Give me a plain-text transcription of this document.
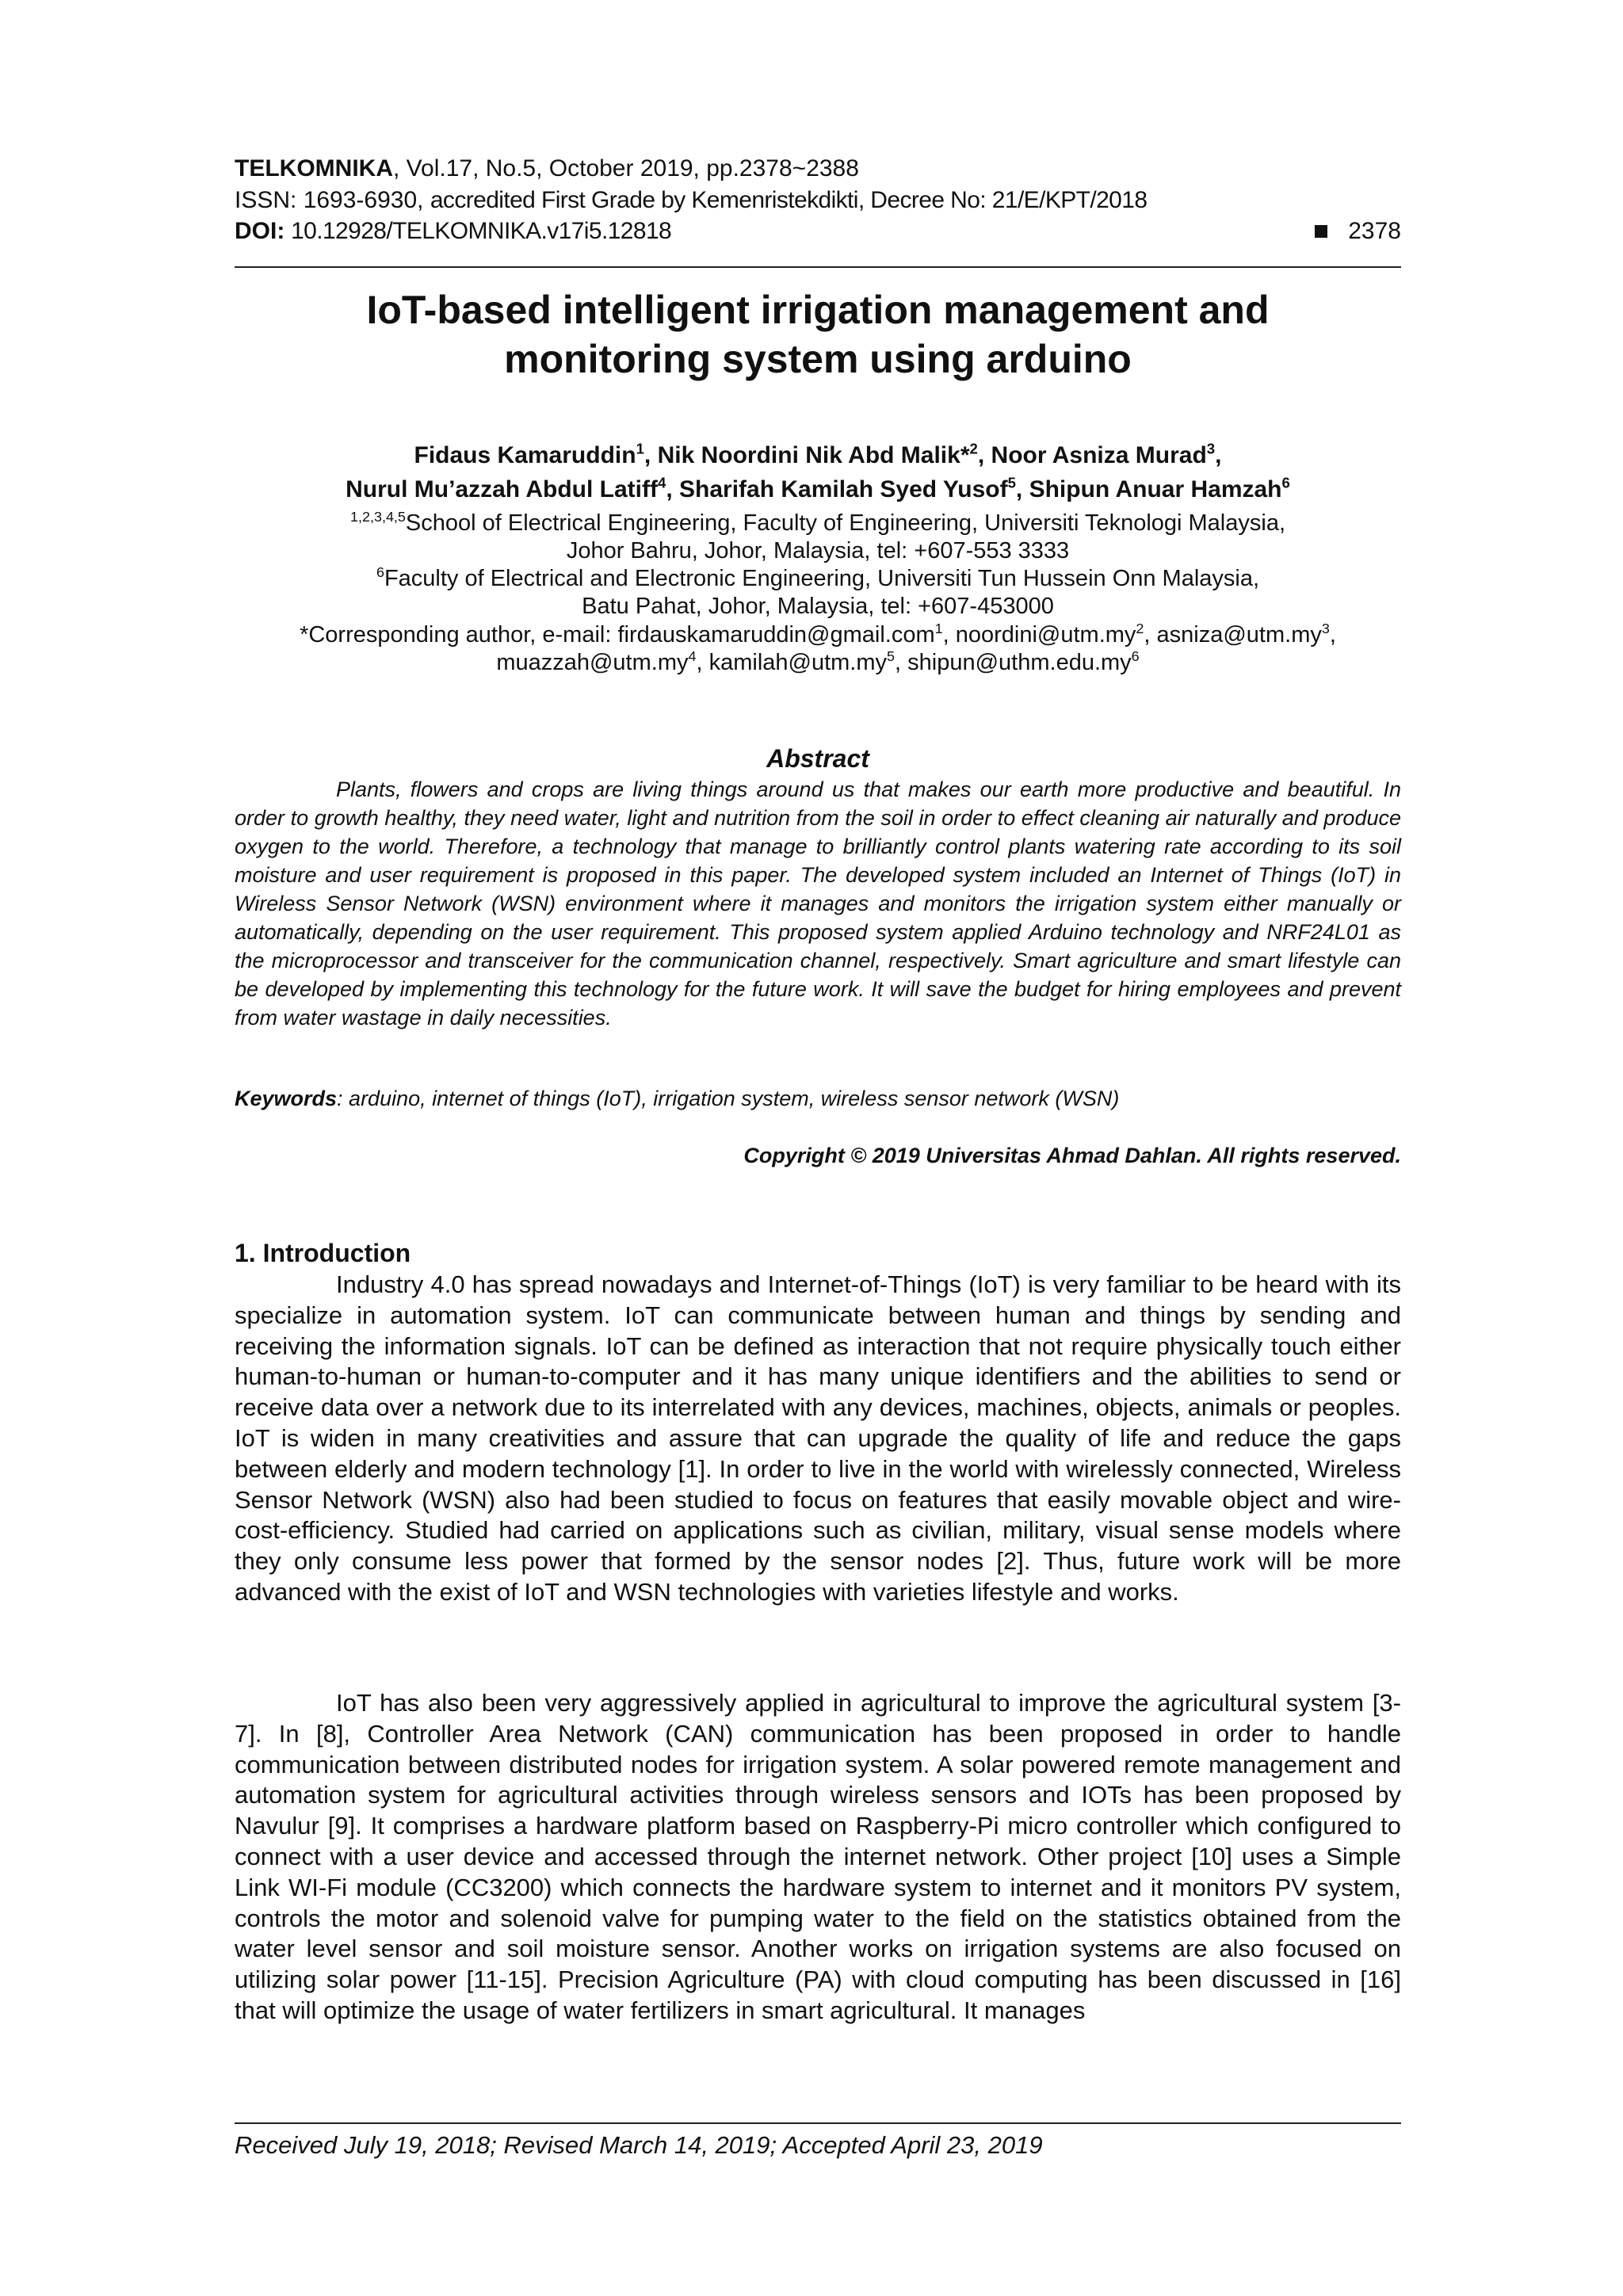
TELKOMNIKA, Vol.17, No.5, October 2019, pp.2378~2388
ISSN: 1693-6930, accredited First Grade by Kemenristekdikti, Decree No: 21/E/KPT/2018
DOI: 10.12928/TELKOMNIKA.v17i5.12818	2378
IoT-based intelligent irrigation management and
monitoring system using arduino
Fidaus Kamaruddin$^1$, Nik Noordini Nik Abd Malik*$^2$, Noor Asniza Murad$^3$,
Nurul Mu’azzah Abdul Latiff$^4$, Sharifah Kamilah Syed Yusof$^5$, Shipun Anuar Hamzah$^6$
$^{1,2,3,4,5}$School of Electrical Engineering, Faculty of Engineering, Universiti Teknologi Malaysia,
Johor Bahru, Johor, Malaysia, tel: +607-553 3333
$^6$Faculty of Electrical and Electronic Engineering, Universiti Tun Hussein Onn Malaysia,
Batu Pahat, Johor, Malaysia, tel: +607-453000
*Corresponding author, e-mail: firdauskamaruddin@gmail.com$^1$, $noordini@utm.my^2$, $asniza@utm.my^3$,
$muazzah@utm.my^4$, $kamilah@utm.my^5$, $shipun@uthm.edu.my^6$
Abstract
Plants, flowers and crops are living things around us that makes our earth more productive and beautiful. In order to growth healthy, they need water, light and nutrition from the soil in order to effect cleaning air naturally and produce oxygen to the world. Therefore, a technology that manage to brilliantly control plants watering rate according to its soil moisture and user requirement is proposed in this paper. The developed system included an Internet of Things (IoT) in Wireless Sensor Network (WSN) environment where it manages and monitors the irrigation system either manually or automatically, depending on the user requirement. This proposed system applied Arduino technology and NRF24L01 as the microprocessor and transceiver for the communication channel, respectively. Smart agriculture and smart lifestyle can be developed by implementing this technology for the future work. It will save the budget for hiring employees and prevent from water wastage in daily necessities.
Keywords: arduino, internet of things (IoT), irrigation system, wireless sensor network (WSN)
Copyright © 2019 Universitas Ahmad Dahlan. All rights reserved.
1. Introduction
Industry 4.0 has spread nowadays and Internet-of-Things (IoT) is very familiar to be heard with its specialize in automation system. IoT can communicate between human and things by sending and receiving the information signals. IoT can be defined as interaction that not require physically touch either human-to-human or human-to-computer and it has many unique identifiers and the abilities to send or receive data over a network due to its interrelated with any devices, machines, objects, animals or peoples. IoT is widen in many creativities and assure that can upgrade the quality of life and reduce the gaps between elderly and modern technology [1]. In order to live in the world with wirelessly connected, Wireless Sensor Network (WSN) also had been studied to focus on features that easily movable object and wire-cost-efficiency. Studied had carried on applications such as civilian, military, visual sense models where they only consume less power that formed by the sensor nodes [2]. Thus, future work will be more advanced with the exist of IoT and WSN technologies with varieties lifestyle and works.
IoT has also been very aggressively applied in agricultural to improve the agricultural system [3-7]. In [8], Controller Area Network (CAN) communication has been proposed in order to handle communication between distributed nodes for irrigation system. A solar powered remote management and automation system for agricultural activities through wireless sensors and IOTs has been proposed by Navulur [9]. It comprises a hardware platform based on Raspberry-Pi micro controller which configured to connect with a user device and accessed through the internet network. Other project [10] uses a Simple Link WI-Fi module (CC3200) which connects the hardware system to internet and it monitors PV system, controls the motor and solenoid valve for pumping water to the field on the statistics obtained from the water level sensor and soil moisture sensor. Another works on irrigation systems are also focused on utilizing solar power [11-15]. Precision Agriculture (PA) with cloud computing has been discussed in [16] that will optimize the usage of water fertilizers in smart agricultural. It manages
Received July 19, 2018; Revised March 14, 2019; Accepted April 23, 2019
